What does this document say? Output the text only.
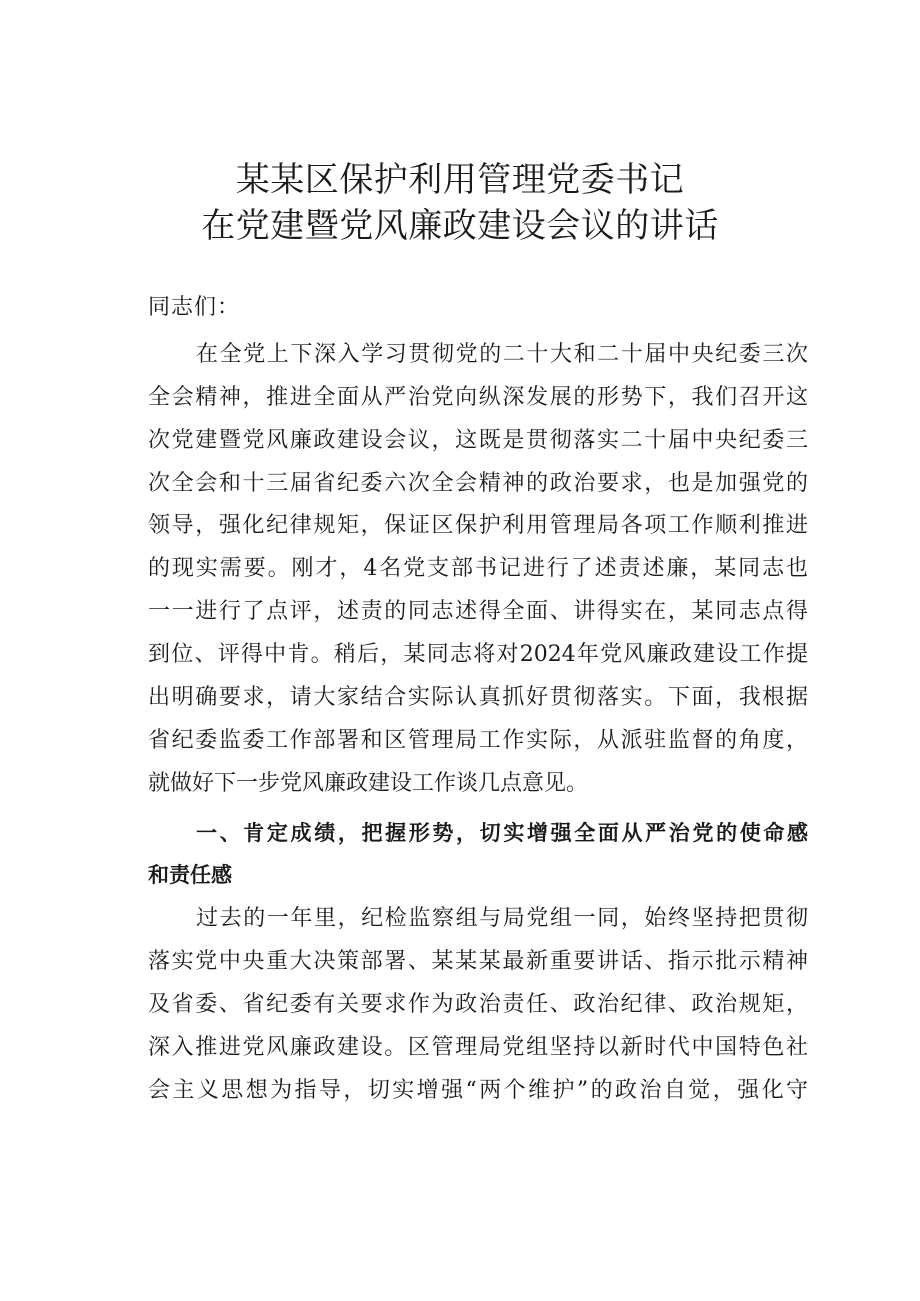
某某区保护利用管理党委书记
在党建暨党风廉政建设会议的讲话
同志们：
在全党上下深入学习贯彻党的二十大和二十届中央纪委三次
全会精神，推进全面从严治党向纵深发展的形势下，我们召开这
次党建暨党风廉政建设会议，这既是贯彻落实二十届中央纪委三
次全会和十三届省纪委六次全会精神的政治要求，也是加强党的
领导，强化纪律规矩，保证区保护利用管理局各项工作顺利推进
的现实需要。刚才，4名党支部书记进行了述责述廉，某同志也
一一进行了点评，述责的同志述得全面、讲得实在，某同志点得
到位、评得中肯。稍后，某同志将对2024年党风廉政建设工作提
出明确要求，请大家结合实际认真抓好贯彻落实。下面，我根据
省纪委监委工作部署和区管理局工作实际，从派驻监督的角度，
就做好下一步党风廉政建设工作谈几点意见。
一、肯定成绩，把握形势，切实增强全面从严治党的使命感
和责任感
过去的一年里，纪检监察组与局党组一同，始终坚持把贯彻
落实党中央重大决策部署、某某某最新重要讲话、指示批示精神
及省委、省纪委有关要求作为政治责任、政治纪律、政治规矩，
深入推进党风廉政建设。区管理局党组坚持以新时代中国特色社
会主义思想为指导，切实增强“两个维护”的政治自觉，强化守
